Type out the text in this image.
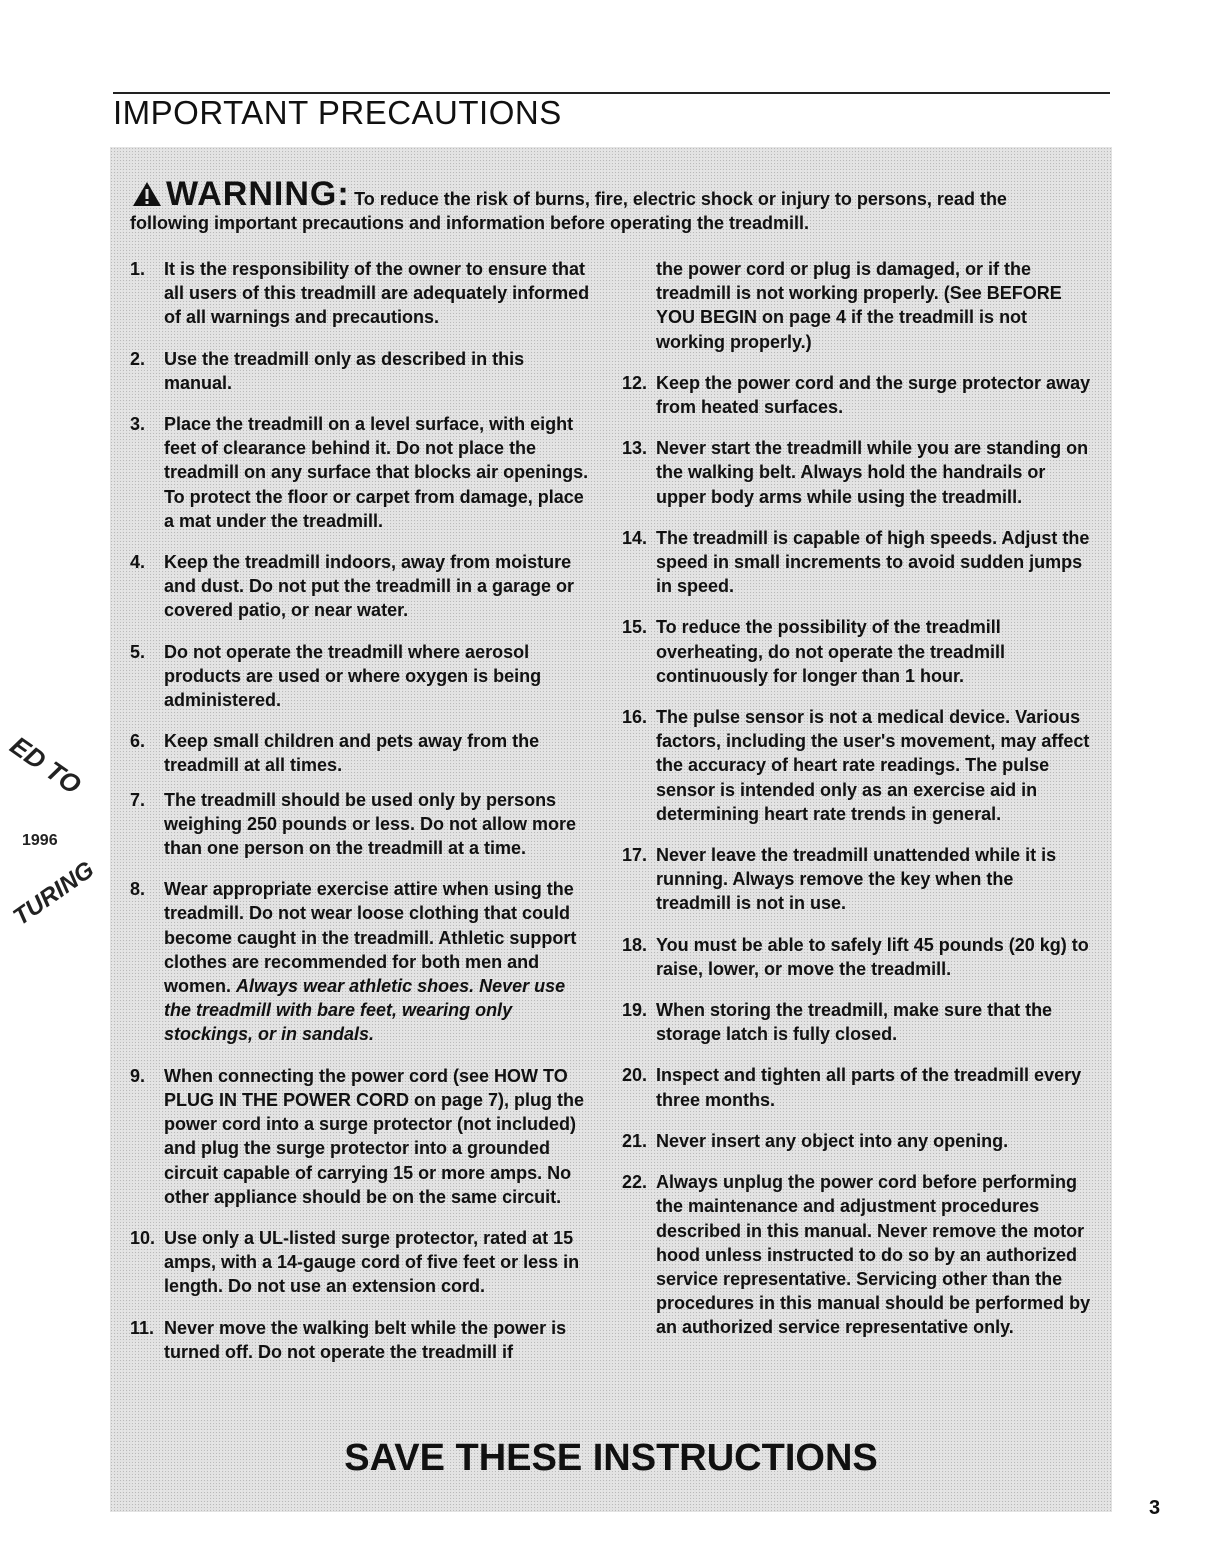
IMPORTANT PRECAUTIONS
WARNING: To reduce the risk of burns, fire, electric shock or injury to persons, read the
following important precautions and information before operating the treadmill.
1. It is the responsibility of the owner to ensure that all users of this treadmill are adequately informed of all warnings and precautions.
2. Use the treadmill only as described in this manual.
3. Place the treadmill on a level surface, with eight feet of clearance behind it. Do not place the treadmill on any surface that blocks air openings. To protect the floor or carpet from damage, place a mat under the treadmill.
4. Keep the treadmill indoors, away from moisture and dust. Do not put the treadmill in a garage or covered patio, or near water.
5. Do not operate the treadmill where aerosol products are used or where oxygen is being administered.
6. Keep small children and pets away from the treadmill at all times.
7. The treadmill should be used only by persons weighing 250 pounds or less. Do not allow more than one person on the treadmill at a time.
8. Wear appropriate exercise attire when using the treadmill. Do not wear loose clothing that could become caught in the treadmill. Athletic support clothes are recommended for both men and women. Always wear athletic shoes. Never use the treadmill with bare feet, wearing only stockings, or in sandals.
9. When connecting the power cord (see HOW TO PLUG IN THE POWER CORD on page 7), plug the power cord into a surge protector (not included) and plug the surge protector into a grounded circuit capable of carrying 15 or more amps. No other appliance should be on the same circuit.
10. Use only a UL-listed surge protector, rated at 15 amps, with a 14-gauge cord of five feet or less in length. Do not use an extension cord.
11. Never move the walking belt while the power is turned off. Do not operate the treadmill if
the power cord or plug is damaged, or if the treadmill is not working properly. (See BEFORE YOU BEGIN on page 4 if the treadmill is not working properly.)
12. Keep the power cord and the surge protector away from heated surfaces.
13. Never start the treadmill while you are standing on the walking belt. Always hold the handrails or upper body arms while using the treadmill.
14. The treadmill is capable of high speeds. Adjust the speed in small increments to avoid sudden jumps in speed.
15. To reduce the possibility of the treadmill overheating, do not operate the treadmill continuously for longer than 1 hour.
16. The pulse sensor is not a medical device. Various factors, including the user's movement, may affect the accuracy of heart rate readings. The pulse sensor is intended only as an exercise aid in determining heart rate trends in general.
17. Never leave the treadmill unattended while it is running. Always remove the key when the treadmill is not in use.
18. You must be able to safely lift 45 pounds (20 kg) to raise, lower, or move the treadmill.
19. When storing the treadmill, make sure that the storage latch is fully closed.
20. Inspect and tighten all parts of the treadmill every three months.
21. Never insert any object into any opening.
22. Always unplug the power cord before performing the maintenance and adjustment procedures described in this manual. Never remove the motor hood unless instructed to do so by an authorized service representative. Servicing other than the procedures in this manual should be performed by an authorized service representative only.
SAVE THESE INSTRUCTIONS
3
ED TO
1996
TURING
